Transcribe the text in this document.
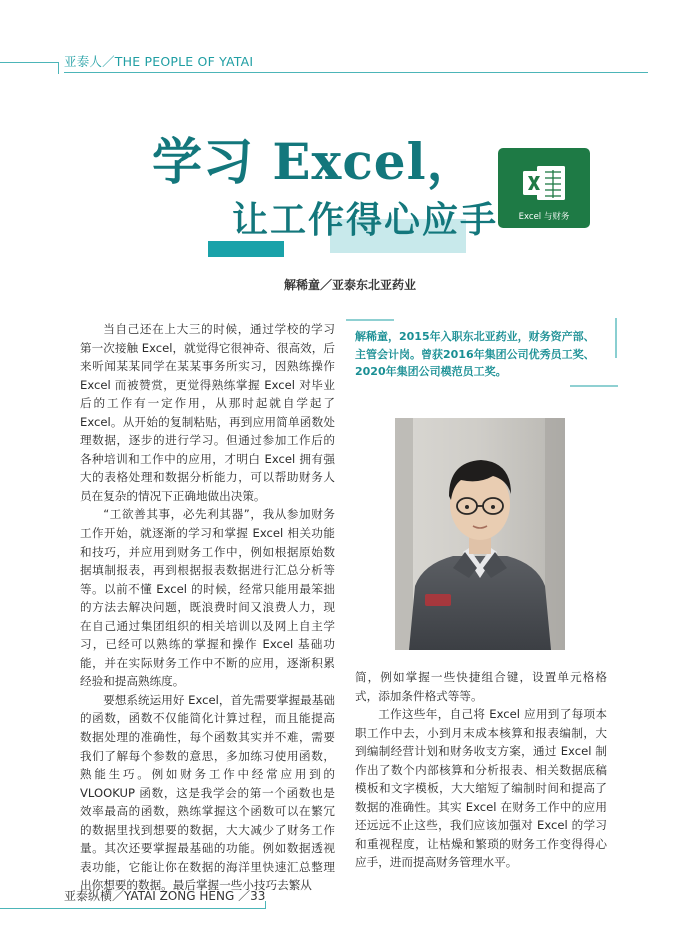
亚泰人／THE PEOPLE OF YATAI
学习 Excel，
让工作得心应手	Excel 与财务
解稀童／亚泰东北亚药业
解稀童，2015年入职东北亚药业，财务资产部、主管会计岗。曾获2016年集团公司优秀员工奖、2020年集团公司模范员工奖。

当自己还在上大三的时候，通过学校的学习第一次接触 Excel，就觉得它很神奇、很高效，后来听闻某某同学在某某事务所实习，因熟练操作 Excel 而被赞赏，更觉得熟练掌握 Excel 对毕业后的工作有一定作用，从那时起就自学起了 Excel。从开始的复制粘贴，再到应用简单函数处理数据，逐步的进行学习。但通过参加工作后的各种培训和工作中的应用，才明白 Excel 拥有强大的表格处理和数据分析能力，可以帮助财务人员在复杂的情况下正确地做出决策。

“工欲善其事，必先利其器”，我从参加财务工作开始，就逐渐的学习和掌握 Excel 相关功能和技巧，并应用到财务工作中，例如根据原始数据填制报表，再到根据报表数据进行汇总分析等等。以前不懂 Excel 的时候，经常只能用最笨拙的方法去解决问题，既浪费时间又浪费人力，现在自己通过集团组织的相关培训以及网上自主学习，已经可以熟练的掌握和操作 Excel 基础功能，并在实际财务工作中不断的应用，逐渐积累经验和提高熟练度。

要想系统运用好 Excel，首先需要掌握最基础的函数，函数不仅能简化计算过程，而且能提高数据处理的准确性，每个函数其实并不难，需要我们了解每个参数的意思，多加练习使用函数，熟能生巧。例如财务工作中经常应用到的VLOOKUP 函数，这是我学会的第一个函数也是效率最高的函数，熟练掌握这个函数可以在繁冗的数据里找到想要的数据，大大减少了财务工作量。其次还要掌握最基础的功能。例如数据透视表功能，它能让你在数据的海洋里快速汇总整理出你想要的数据。最后掌握一些小技巧去繁从

简，例如掌握一些快捷组合键，设置单元格格式，添加条件格式等等。

工作这些年，自己将 Excel 应用到了每项本职工作中去，小到月末成本核算和报表编制，大到编制经营计划和财务收支方案，通过 Excel 制作出了数个内部核算和分析报表、相关数据底稿模板和文字模板，大大缩短了编制时间和提高了数据的准确性。其实 Excel 在财务工作中的应用还远远不止这些，我们应该加强对 Excel 的学习和重视程度，让枯燥和繁琐的财务工作变得得心应手，进而提高财务管理水平。

亚泰纵横／YATAI ZONG HENG ／33
